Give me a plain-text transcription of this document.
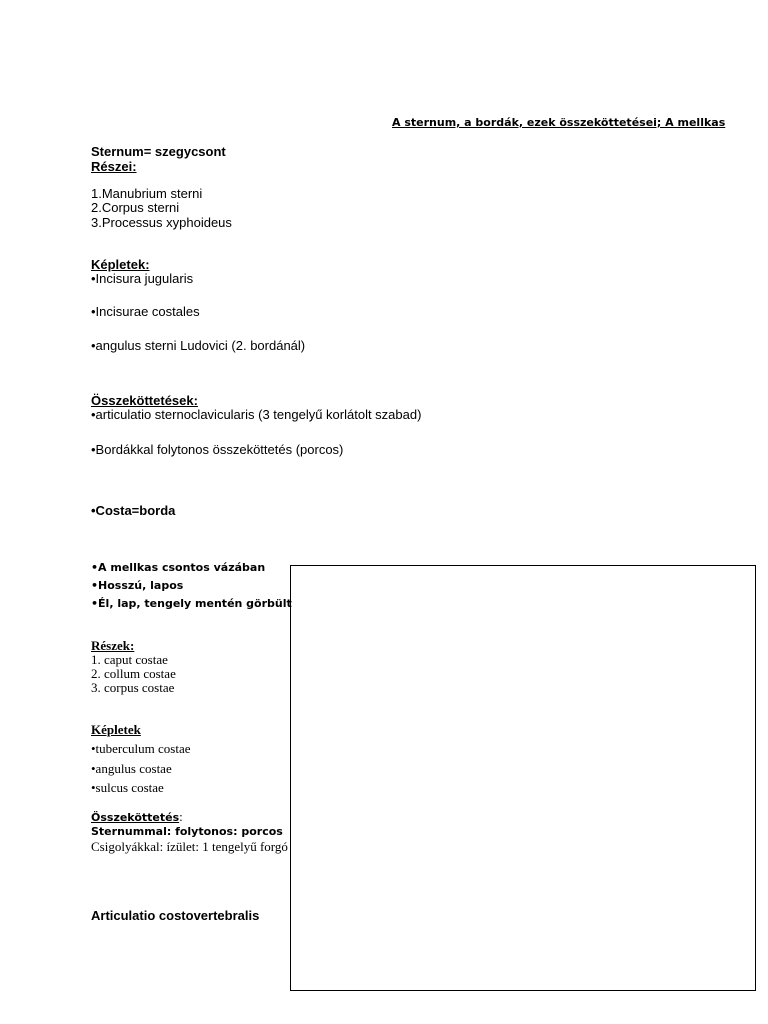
A sternum, a bordák, ezek összeköttetései; A mellkas
Sternum= szegycsont
Részei:
1.Manubrium sterni
2.Corpus sterni
3.Processus xyphoideus
Képletek:
•Incisura jugularis
•Incisurae costales
•angulus sterni Ludovici (2. bordánál)
Összeköttetések:
•articulatio sternoclavicularis (3 tengelyű korlátolt szabad)
•Bordákkal folytonos összeköttetés (porcos)
•Costa=borda
•A mellkas csontos vázában
•Hosszú, lapos
•Él, lap, tengely mentén görbült
Részek:
1. caput costae
2. collum costae
3. corpus costae
Képletek
•tuberculum costae
•angulus costae
•sulcus costae
Összeköttetés:
Sternummal: folytonos: porcos
Csigolyákkal: ízület: 1 tengelyű forgó
Articulatio costovertebralis
